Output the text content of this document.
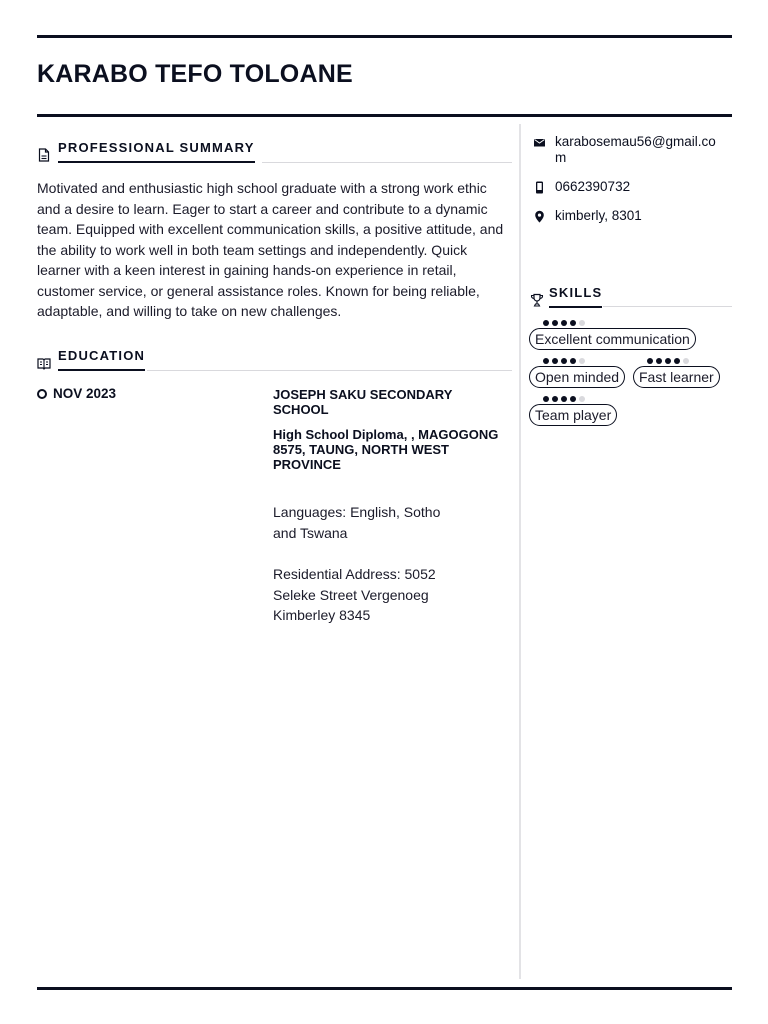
KARABO TEFO TOLOANE
PROFESSIONAL SUMMARY

Motivated and enthusiastic high school graduate with a strong work ethic and a desire to learn. Eager to start a career and contribute to a dynamic team. Equipped with excellent communication skills, a positive attitude, and the ability to work well in both team settings and independently. Quick learner with a keen interest in gaining hands-on experience in retail, customer service, or general assistance roles. Known for being reliable, adaptable, and willing to take on new challenges.

EDUCATION
NOV 2023	JOSEPH SAKU SECONDARY SCHOOL
High School Diploma, , MAGOGONG 8575, TAUNG, NORTH WEST PROVINCE
Languages: English, Sotho and Tswana
Residential Address: 5052 Seleke Street Vergenoeg Kimberley 8345
karabosemau56@gmail.com
0662390732
kimberly, 8301
SKILLS
Excellent communication
Open minded	Fast learner
Team player
